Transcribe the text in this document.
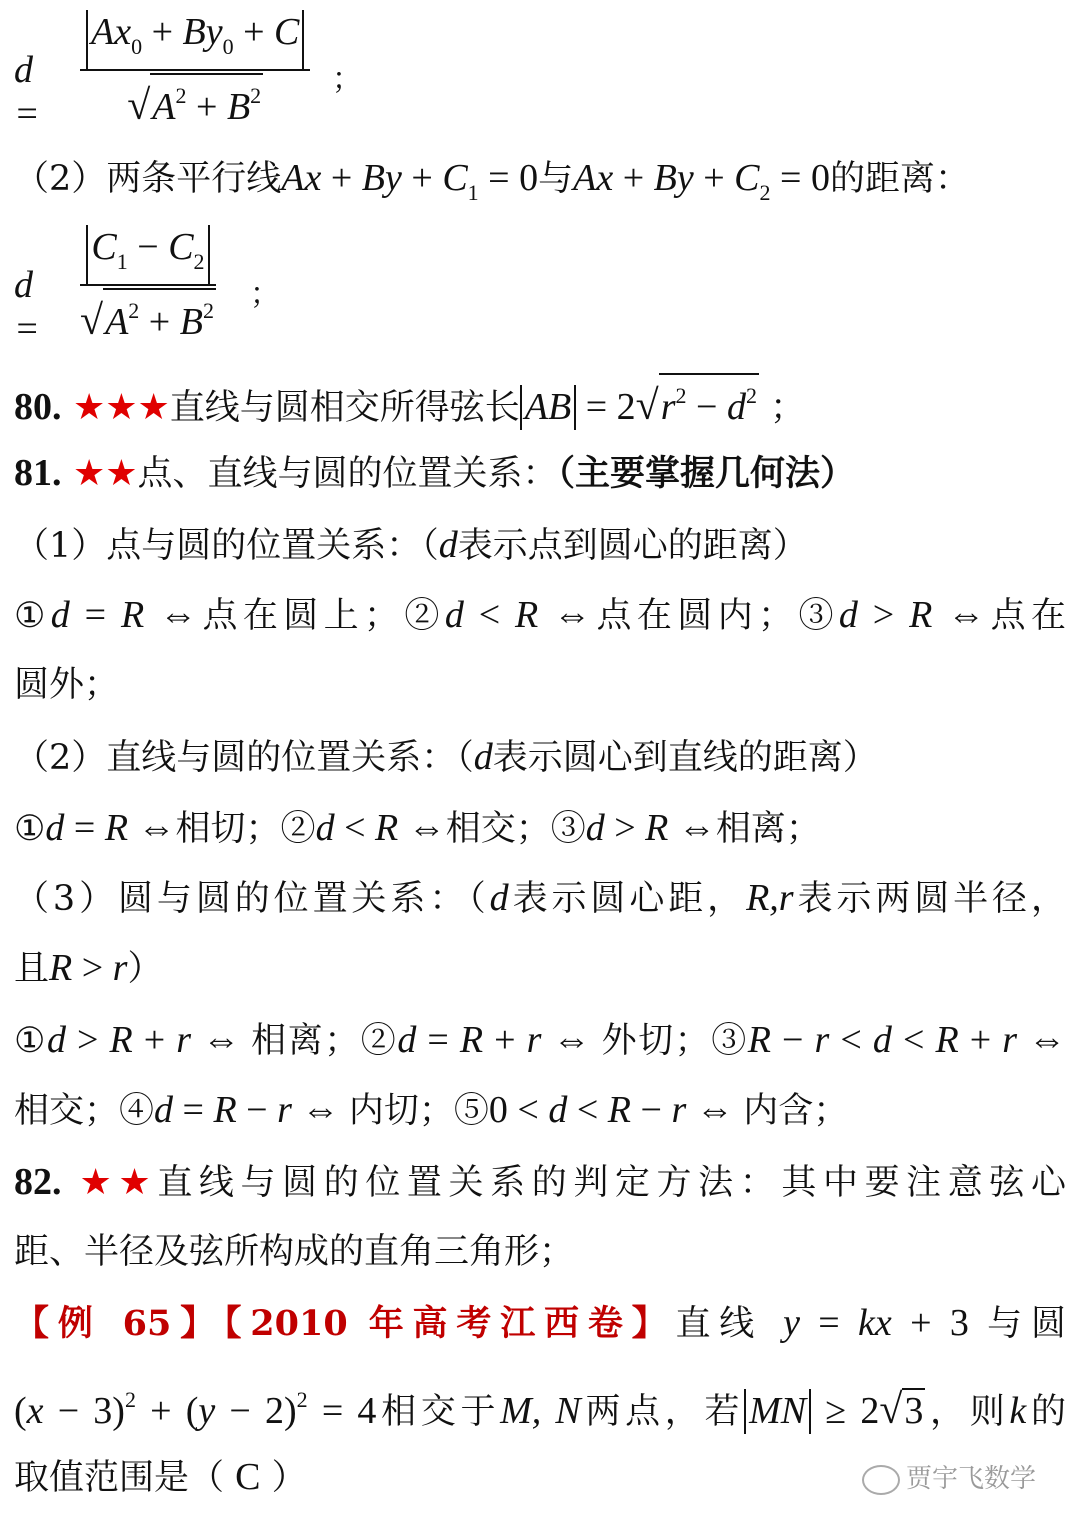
$d = \frac{Ax_0 + By_0 + C}{√A^2 + B^2}$ ；
$d = \frac{C_1 - C_2}{√A^2 + B^2}$ ；
（2）两条平行线$Ax + By + C_1 = 0$与$Ax + By + C_2 = 0$的距离：
80. ★★★直线与圆相交所得弦长 AB = $2√r^2 - d^2$ ；
81. ★★点、直线与圆的位置关系：（主要掌握几何法）
（1）点与圆的位置关系：（d表示点到圆心的距离）
①d = R ⇔点在圆上；②d < R ⇔点在圆内；③d > R ⇔点在
圆外；
（2）直线与圆的位置关系：（d表示圆心到直线的距离）
①d = R ⇔相切；②d < R ⇔相交；③d > R ⇔相离；
（3）圆与圆的位置关系：（d表示圆心距，R,r表示两圆半径，
且R > r）
①d > R + r ⇔ 相离；②d = R + r ⇔ 外切；③R − r < d < R + r ⇔
相交；④d = R − r ⇔ 内切；⑤0 < d < R − r ⇔ 内含；
82. ★★直线与圆的位置关系的判定方法：其中要注意弦心
距、半径及弦所构成的直角三角形；
【例 65】【2010 年高考江西卷】直线 y = kx + 3 与圆
$(x - 3)^2 + (y - 2)^2 = 4$相交于M, N两点，若 MN ≥ 2√3，则k的
取值范围是（ C ）	贾宇飞数学
